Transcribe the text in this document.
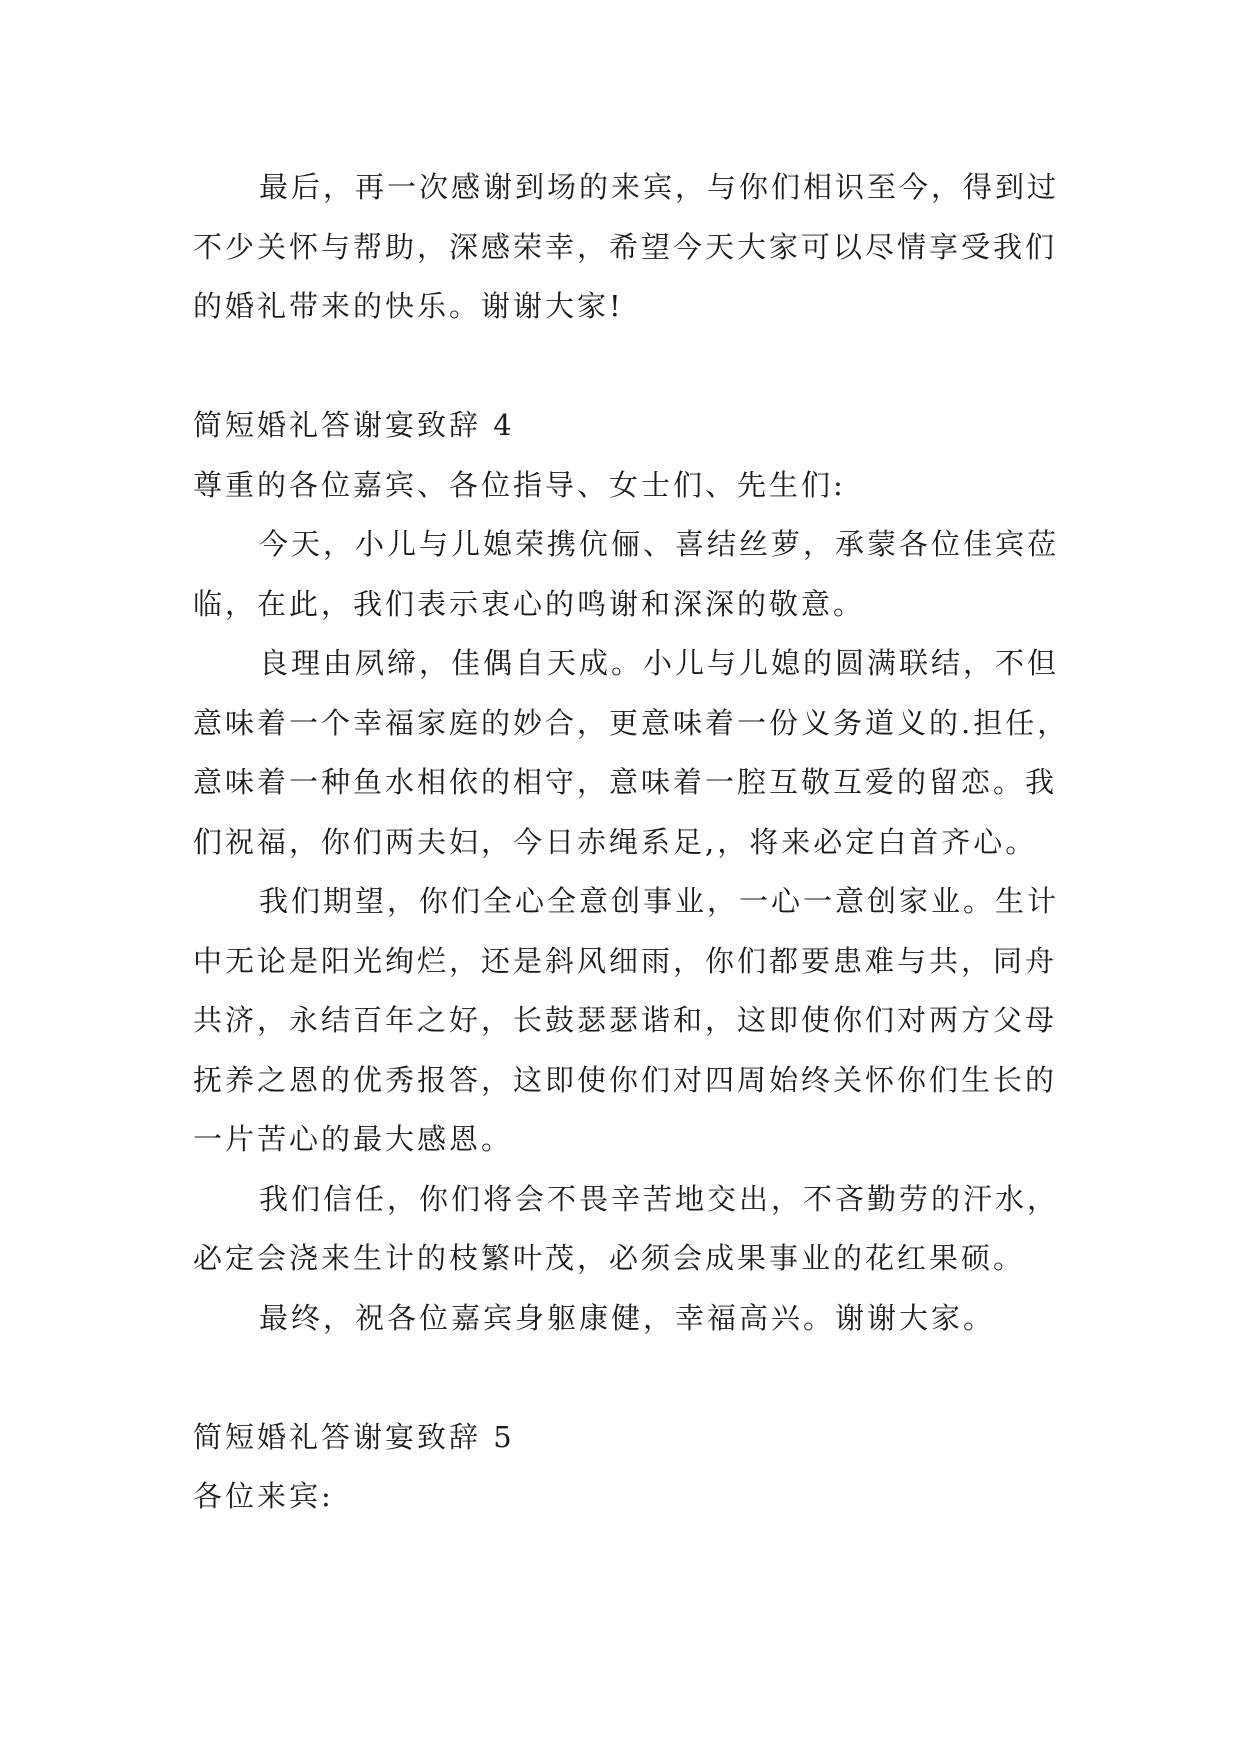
最后，再一次感谢到场的来宾，与你们相识至今，得到过不少关怀与帮助，深感荣幸，希望今天大家可以尽情享受我们的婚礼带来的快乐。谢谢大家!

简短婚礼答谢宴致辞 4

尊重的各位嘉宾、各位指导、女士们、先生们:

今天，小儿与儿媳荣携伉俪、喜结丝萝，承蒙各位佳宾莅临，在此，我们表示衷心的鸣谢和深深的敬意。

良理由夙缔，佳偶自天成。小儿与儿媳的圆满联结，不但意味着一个幸福家庭的妙合，更意味着一份义务道义的.担任，意味着一种鱼水相依的相守，意味着一腔互敬互爱的留恋。我们祝福，你们两夫妇，今日赤绳系足,，将来必定白首齐心。

我们期望，你们全心全意创事业，一心一意创家业。生计中无论是阳光绚烂，还是斜风细雨，你们都要患难与共，同舟共济，永结百年之好，长鼓瑟瑟谐和，这即使你们对两方父母抚养之恩的优秀报答，这即使你们对四周始终关怀你们生长的一片苦心的最大感恩。

我们信任，你们将会不畏辛苦地交出，不吝勤劳的汗水，必定会浇来生计的枝繁叶茂，必须会成果事业的花红果硕。

最终，祝各位嘉宾身躯康健，幸福高兴。谢谢大家。

简短婚礼答谢宴致辞 5

各位来宾:
